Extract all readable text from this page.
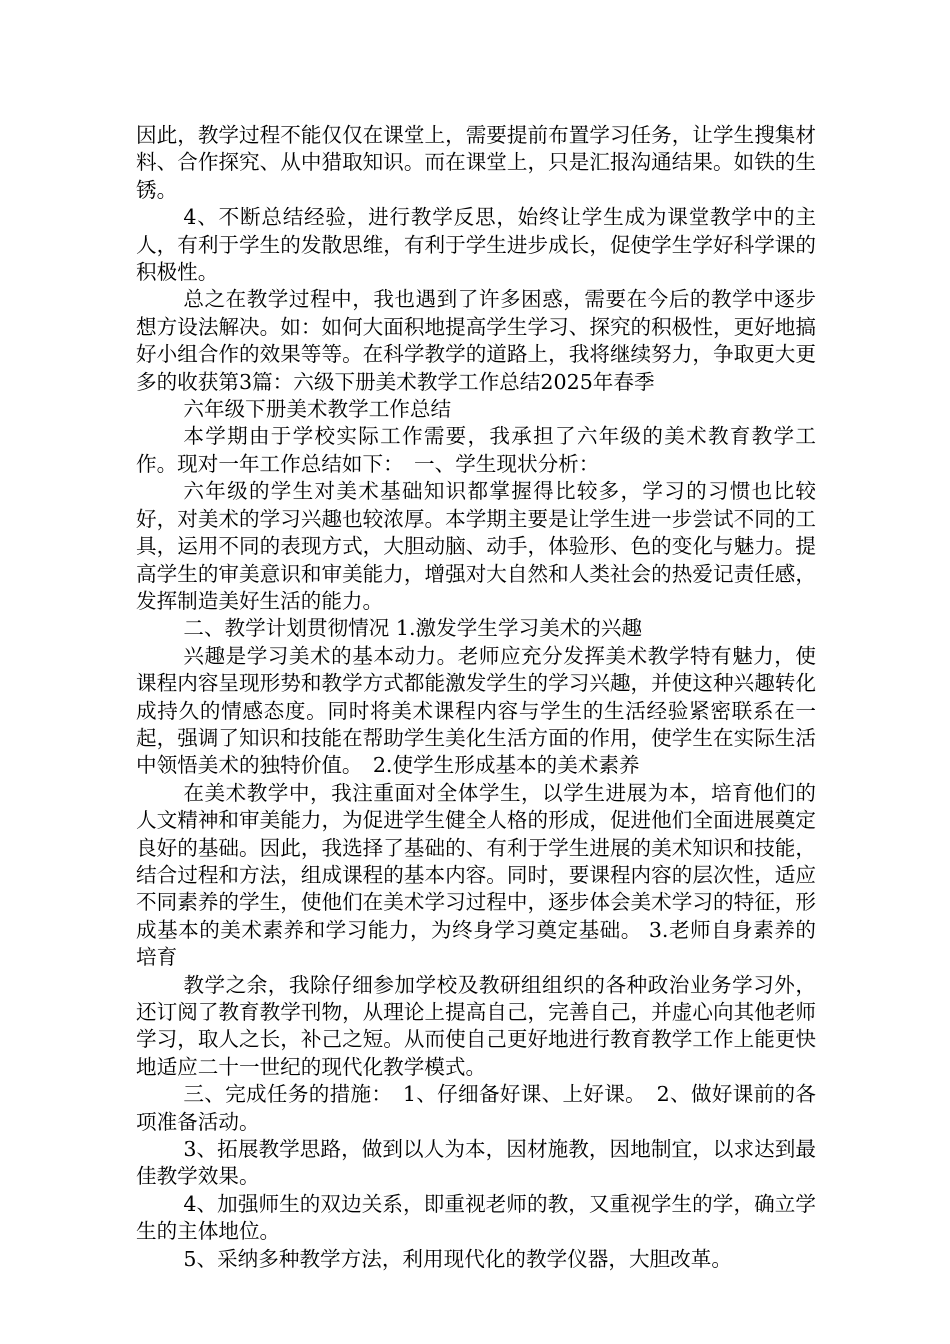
因此，教学过程不能仅仅在课堂上，需要提前布置学习任务，让学生搜集材料、合作探究、从中猎取知识。而在课堂上，只是汇报沟通结果。如铁的生锈。

4、不断总结经验，进行教学反思，始终让学生成为课堂教学中的主人，有利于学生的发散思维，有利于学生进步成长，促使学生学好科学课的积极性。

总之在教学过程中，我也遇到了许多困惑，需要在今后的教学中逐步想方设法解决。如：如何大面积地提高学生学习、探究的积极性，更好地搞好小组合作的效果等等。在科学教学的道路上，我将继续努力，争取更大更多的收获第3篇：六级下册美术教学工作总结2025年春季

六年级下册美术教学工作总结

本学期由于学校实际工作需要，我承担了六年级的美术教育教学工作。现对一年工作总结如下：　一、学生现状分析：

六年级的学生对美术基础知识都掌握得比较多，学习的习惯也比较好，对美术的学习兴趣也较浓厚。本学期主要是让学生进一步尝试不同的工具，运用不同的表现方式，大胆动脑、动手，体验形、色的变化与魅力。提高学生的审美意识和审美能力，增强对大自然和人类社会的热爱记责任感，发挥制造美好生活的能力。

二、教学计划贯彻情况 1.激发学生学习美术的兴趣

兴趣是学习美术的基本动力。老师应充分发挥美术教学特有魅力，使课程内容呈现形势和教学方式都能激发学生的学习兴趣，并使这种兴趣转化成持久的情感态度。同时将美术课程内容与学生的生活经验紧密联系在一起，强调了知识和技能在帮助学生美化生活方面的作用，使学生在实际生活中领悟美术的独特价值。　2.使学生形成基本的美术素养

在美术教学中，我注重面对全体学生，以学生进展为本，培育他们的人文精神和审美能力，为促进学生健全人格的形成，促进他们全面进展奠定良好的基础。因此，我选择了基础的、有利于学生进展的美术知识和技能，结合过程和方法，组成课程的基本内容。同时，要课程内容的层次性，适应不同素养的学生，使他们在美术学习过程中，逐步体会美术学习的特征，形成基本的美术素养和学习能力，为终身学习奠定基础。 3.老师自身素养的培育

教学之余，我除仔细参加学校及教研组组织的各种政治业务学习外，还订阅了教育教学刊物，从理论上提高自己，完善自己，并虚心向其他老师学习，取人之长，补己之短。从而使自己更好地进行教育教学工作上能更快地适应二十一世纪的现代化教学模式。

三、完成任务的措施：　1、仔细备好课、上好课。　2、做好课前的各项准备活动。

3、拓展教学思路，做到以人为本，因材施教，因地制宜，以求达到最佳教学效果。

4、加强师生的双边关系，即重视老师的教，又重视学生的学，确立学生的主体地位。

5、采纳多种教学方法，利用现代化的教学仪器，大胆改革。
